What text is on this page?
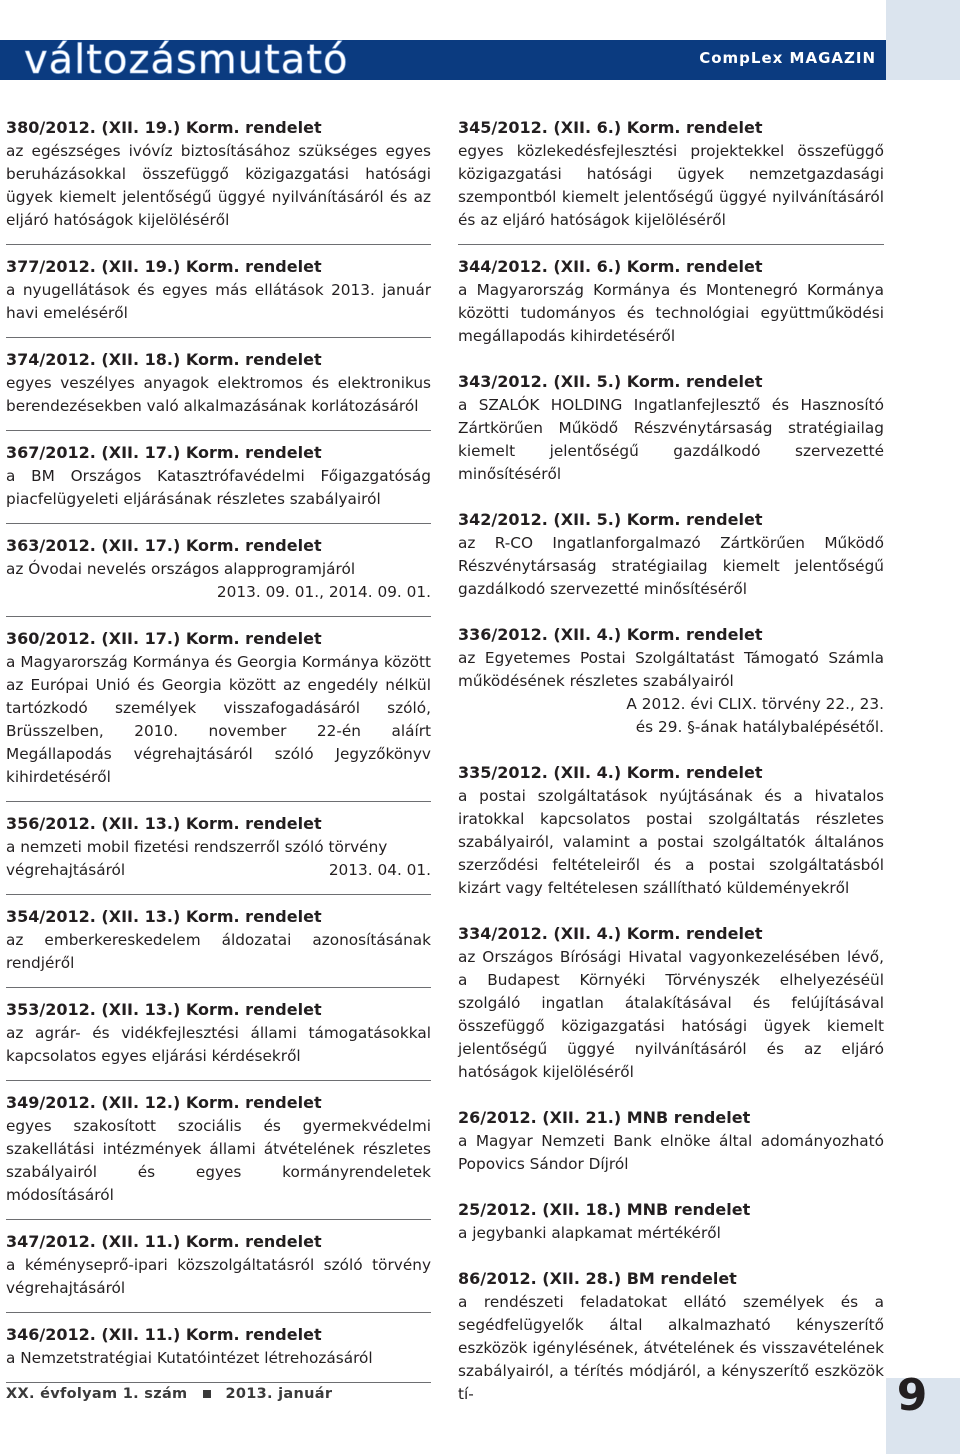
változásmutató	CompLex MAGAZIN
380/2012. (XII. 19.) Korm. rendelet
az egészséges ivóvíz biztosításához szükséges egyes beruházásokkal összefüggő közigazgatási hatósági ügyek kiemelt jelentőségű üggyé nyilvánításáról és az eljáró hatóságok kijelöléséről
377/2012. (XII. 19.) Korm. rendelet
a nyugellátások és egyes más ellátások 2013. január havi emeléséről
374/2012. (XII. 18.) Korm. rendelet
egyes veszélyes anyagok elektromos és elektronikus berendezésekben való alkalmazásának korlátozásáról
367/2012. (XII. 17.) Korm. rendelet
a BM Országos Katasztrófavédelmi Főigazgatóság piacfelügyeleti eljárásának részletes szabályairól
363/2012. (XII. 17.) Korm. rendelet
az Óvodai nevelés országos alapprogramjáról
2013. 09. 01., 2014. 09. 01.
360/2012. (XII. 17.) Korm. rendelet
a Magyarország Kormánya és Georgia Kormánya között az Európai Unió és Georgia között az engedély nélkül tartózkodó személyek visszafogadásáról szóló, Brüsszelben, 2010. november 22-én aláírt Megállapodás végrehajtásáról szóló Jegyzőkönyv kihirdetéséről
356/2012. (XII. 13.) Korm. rendelet
a nemzeti mobil fizetési rendszerről szóló törvény
végrehajtásáról	2013. 04. 01.
354/2012. (XII. 13.) Korm. rendelet
az emberkereskedelem áldozatai azonosításának rendjéről
353/2012. (XII. 13.) Korm. rendelet
az agrár- és vidékfejlesztési állami támogatásokkal kapcsolatos egyes eljárási kérdésekről
349/2012. (XII. 12.) Korm. rendelet
egyes szakosított szociális és gyermekvédelmi szakellátási intézmények állami átvételének részletes szabályairól és egyes kormányrendeletek módosításáról
347/2012. (XII. 11.) Korm. rendelet
a kéményseprő-ipari közszolgáltatásról szóló törvény végrehajtásáról
346/2012. (XII. 11.) Korm. rendelet
a Nemzetstratégiai Kutatóintézet létrehozásáról
345/2012. (XII. 6.) Korm. rendelet
egyes közlekedésfejlesztési projektekkel összefüggő közigazgatási hatósági ügyek nemzetgazdasági szempontból kiemelt jelentőségű üggyé nyilvánításáról és az eljáró hatóságok kijelöléséről
344/2012. (XII. 6.) Korm. rendelet
a Magyarország Kormánya és Montenegró Kormánya közötti tudományos és technológiai együttműködési megállapodás kihirdetéséről
343/2012. (XII. 5.) Korm. rendelet
a SZALÓK HOLDING Ingatlanfejlesztő és Hasznosító Zártkörűen Működő Részvénytársaság stratégiailag kiemelt jelentőségű gazdálkodó szervezetté minősítéséről
342/2012. (XII. 5.) Korm. rendelet
az R-CO Ingatlanforgalmazó Zártkörűen Működő Részvénytársaság stratégiailag kiemelt jelentőségű gazdálkodó szervezetté minősítéséről
336/2012. (XII. 4.) Korm. rendelet
az Egyetemes Postai Szolgáltatást Támogató Számla működésének részletes szabályairól
A 2012. évi CLIX. törvény 22., 23.
és 29. §-ának hatálybalépésétől.
335/2012. (XII. 4.) Korm. rendelet
a postai szolgáltatások nyújtásának és a hivatalos iratokkal kapcsolatos postai szolgáltatás részletes szabályairól, valamint a postai szolgáltatók általános szerződési feltételeiről és a postai szolgáltatásból kizárt vagy feltételesen szállítható küldeményekről
334/2012. (XII. 4.) Korm. rendelet
az Országos Bírósági Hivatal vagyonkezelésében lévő, a Budapest Környéki Törvényszék elhelyezéséül szolgáló ingatlan átalakításával és felújításával összefüggő közigazgatási hatósági ügyek kiemelt jelentőségű üggyé nyilvánításáról és az eljáró hatóságok kijelöléséről
26/2012. (XII. 21.) MNB rendelet
a Magyar Nemzeti Bank elnöke által adományozható Popovics Sándor Díjról
25/2012. (XII. 18.) MNB rendelet
a jegybanki alapkamat mértékéről
86/2012. (XII. 28.) BM rendelet
a rendészeti feladatokat ellátó személyek és a segédfelügyelők által alkalmazható kényszerítő eszközök igénylésének, átvételének és visszavételének szabályairól, a térítés módjáról, a kényszerítő eszközök tí-
XX. évfolyam 1. szám	2013. január	9
